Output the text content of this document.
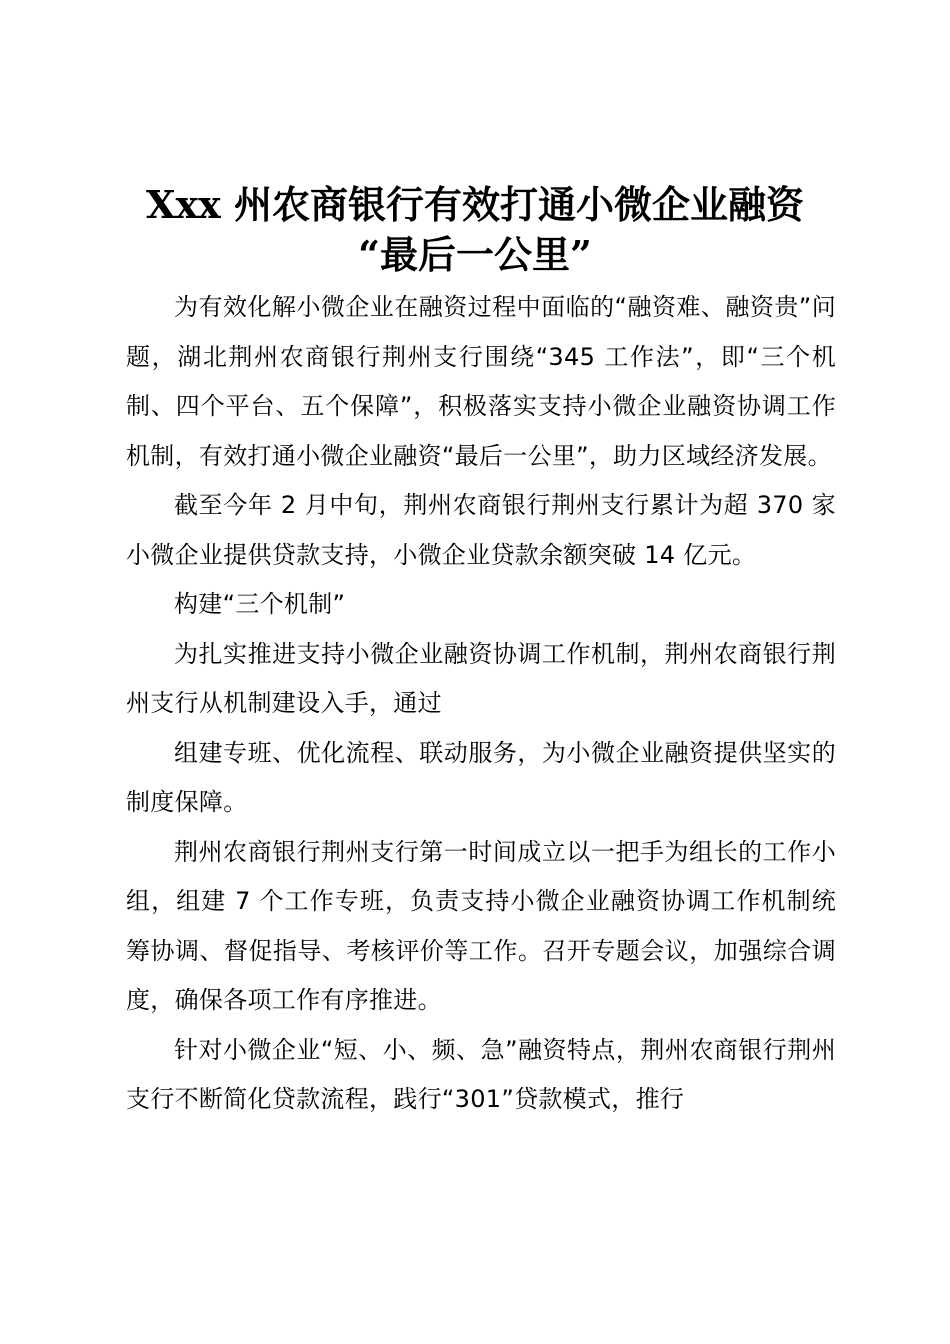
Xxx 州农商银行有效打通小微企业融资
“最后一公里”

为有效化解小微企业在融资过程中面临的“融资难、融资贵”问题，湖北荆州农商银行荆州支行围绕“345 工作法”，即“三个机制、四个平台、五个保障”，积极落实支持小微企业融资协调工作机制，有效打通小微企业融资“最后一公里”，助力区域经济发展。

截至今年 2 月中旬，荆州农商银行荆州支行累计为超 370 家小微企业提供贷款支持，小微企业贷款余额突破 14 亿元。

构建“三个机制”

为扎实推进支持小微企业融资协调工作机制，荆州农商银行荆州支行从机制建设入手，通过

组建专班、优化流程、联动服务，为小微企业融资提供坚实的制度保障。

荆州农商银行荆州支行第一时间成立以一把手为组长的工作小组，组建 7 个工作专班，负责支持小微企业融资协调工作机制统筹协调、督促指导、考核评价等工作。召开专题会议，加强综合调度，确保各项工作有序推进。

针对小微企业“短、小、频、急”融资特点，荆州农商银行荆州支行不断简化贷款流程，践行“301”贷款模式，推行
